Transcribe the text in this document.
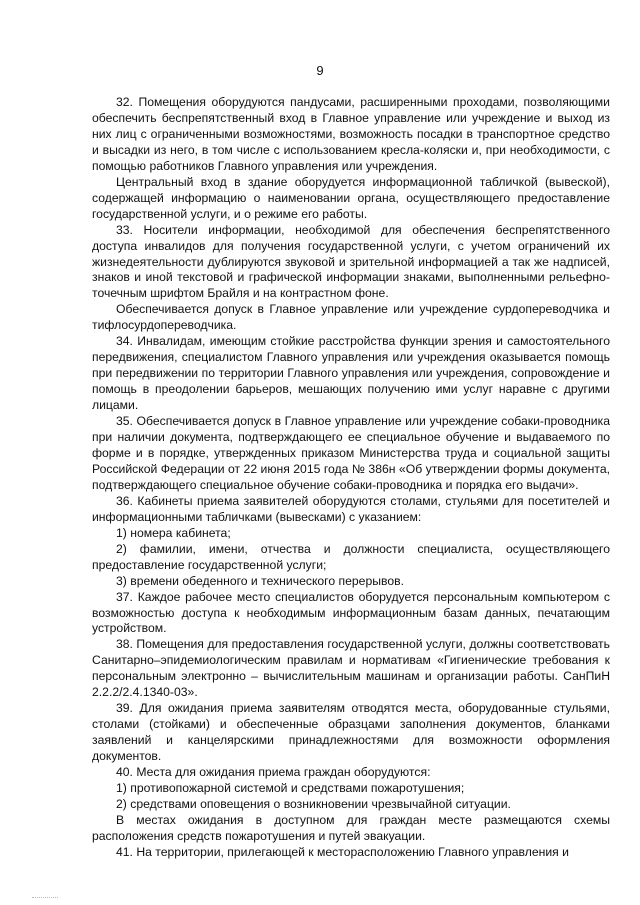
9

32. Помещения оборудуются пандусами, расширенными проходами, позволяющими обеспечить беспрепятственный вход в Главное управление или учреждение и выход из них лиц с ограниченными возможностями, возможность посадки в транспортное средство и высадки из него, в том числе с использованием кресла-коляски и, при необходимости, с помощью работников Главного управления или учреждения.

Центральный вход в здание оборудуется информационной табличкой (вывеской), содержащей информацию о наименовании органа, осуществляющего предоставление государственной услуги, и о режиме его работы.

33. Носители информации, необходимой для обеспечения беспрепятственного доступа инвалидов для получения государственной услуги, с учетом ограничений их жизнедеятельности дублируются звуковой и зрительной информацией а так же надписей, знаков и иной текстовой и графической информации знаками, выполненными рельефно-точечным шрифтом Брайля и на контрастном фоне.

Обеспечивается допуск в Главное управление или учреждение сурдопереводчика и тифлосурдопереводчика.

34. Инвалидам, имеющим стойкие расстройства функции зрения и самостоятельного передвижения, специалистом Главного управления или учреждения оказывается помощь при передвижении по территории Главного управления или учреждения, сопровождение и помощь в преодолении барьеров, мешающих получению ими услуг наравне с другими лицами.

35. Обеспечивается допуск в Главное управление или учреждение собаки-проводника при наличии документа, подтверждающего ее специальное обучение и выдаваемого по форме и в порядке, утвержденных приказом Министерства труда и социальной защиты Российской Федерации от 22 июня 2015 года № 386н «Об утверждении формы документа, подтверждающего специальное обучение собаки-проводника и порядка его выдачи».

36. Кабинеты приема заявителей оборудуются столами, стульями для посетителей и информационными табличками (вывесками) с указанием:

1) номера кабинета;

2) фамилии, имени, отчества и должности специалиста, осуществляющего предоставление государственной услуги;

3) времени обеденного и технического перерывов.

37. Каждое рабочее место специалистов оборудуется персональным компьютером с возможностью доступа к необходимым информационным базам данных, печатающим устройством.

38. Помещения для предоставления государственной услуги, должны соответствовать Санитарно–эпидемиологическим правилам и нормативам «Гигиенические требования к персональным электронно – вычислительным машинам и организации работы. СанПиН 2.2.2/2.4.1340-03».

39. Для ожидания приема заявителям отводятся места, оборудованные стульями, столами (стойками) и обеспеченные образцами заполнения документов, бланками заявлений и канцелярскими принадлежностями для возможности оформления документов.

40. Места для ожидания приема граждан оборудуются:

1) противопожарной системой и средствами пожаротушения;

2) средствами оповещения о возникновении чрезвычайной ситуации.

В местах ожидания в доступном для граждан месте размещаются схемы расположения средств пожаротушения и путей эвакуации.

41. На территории, прилегающей к месторасположению Главного управления и
